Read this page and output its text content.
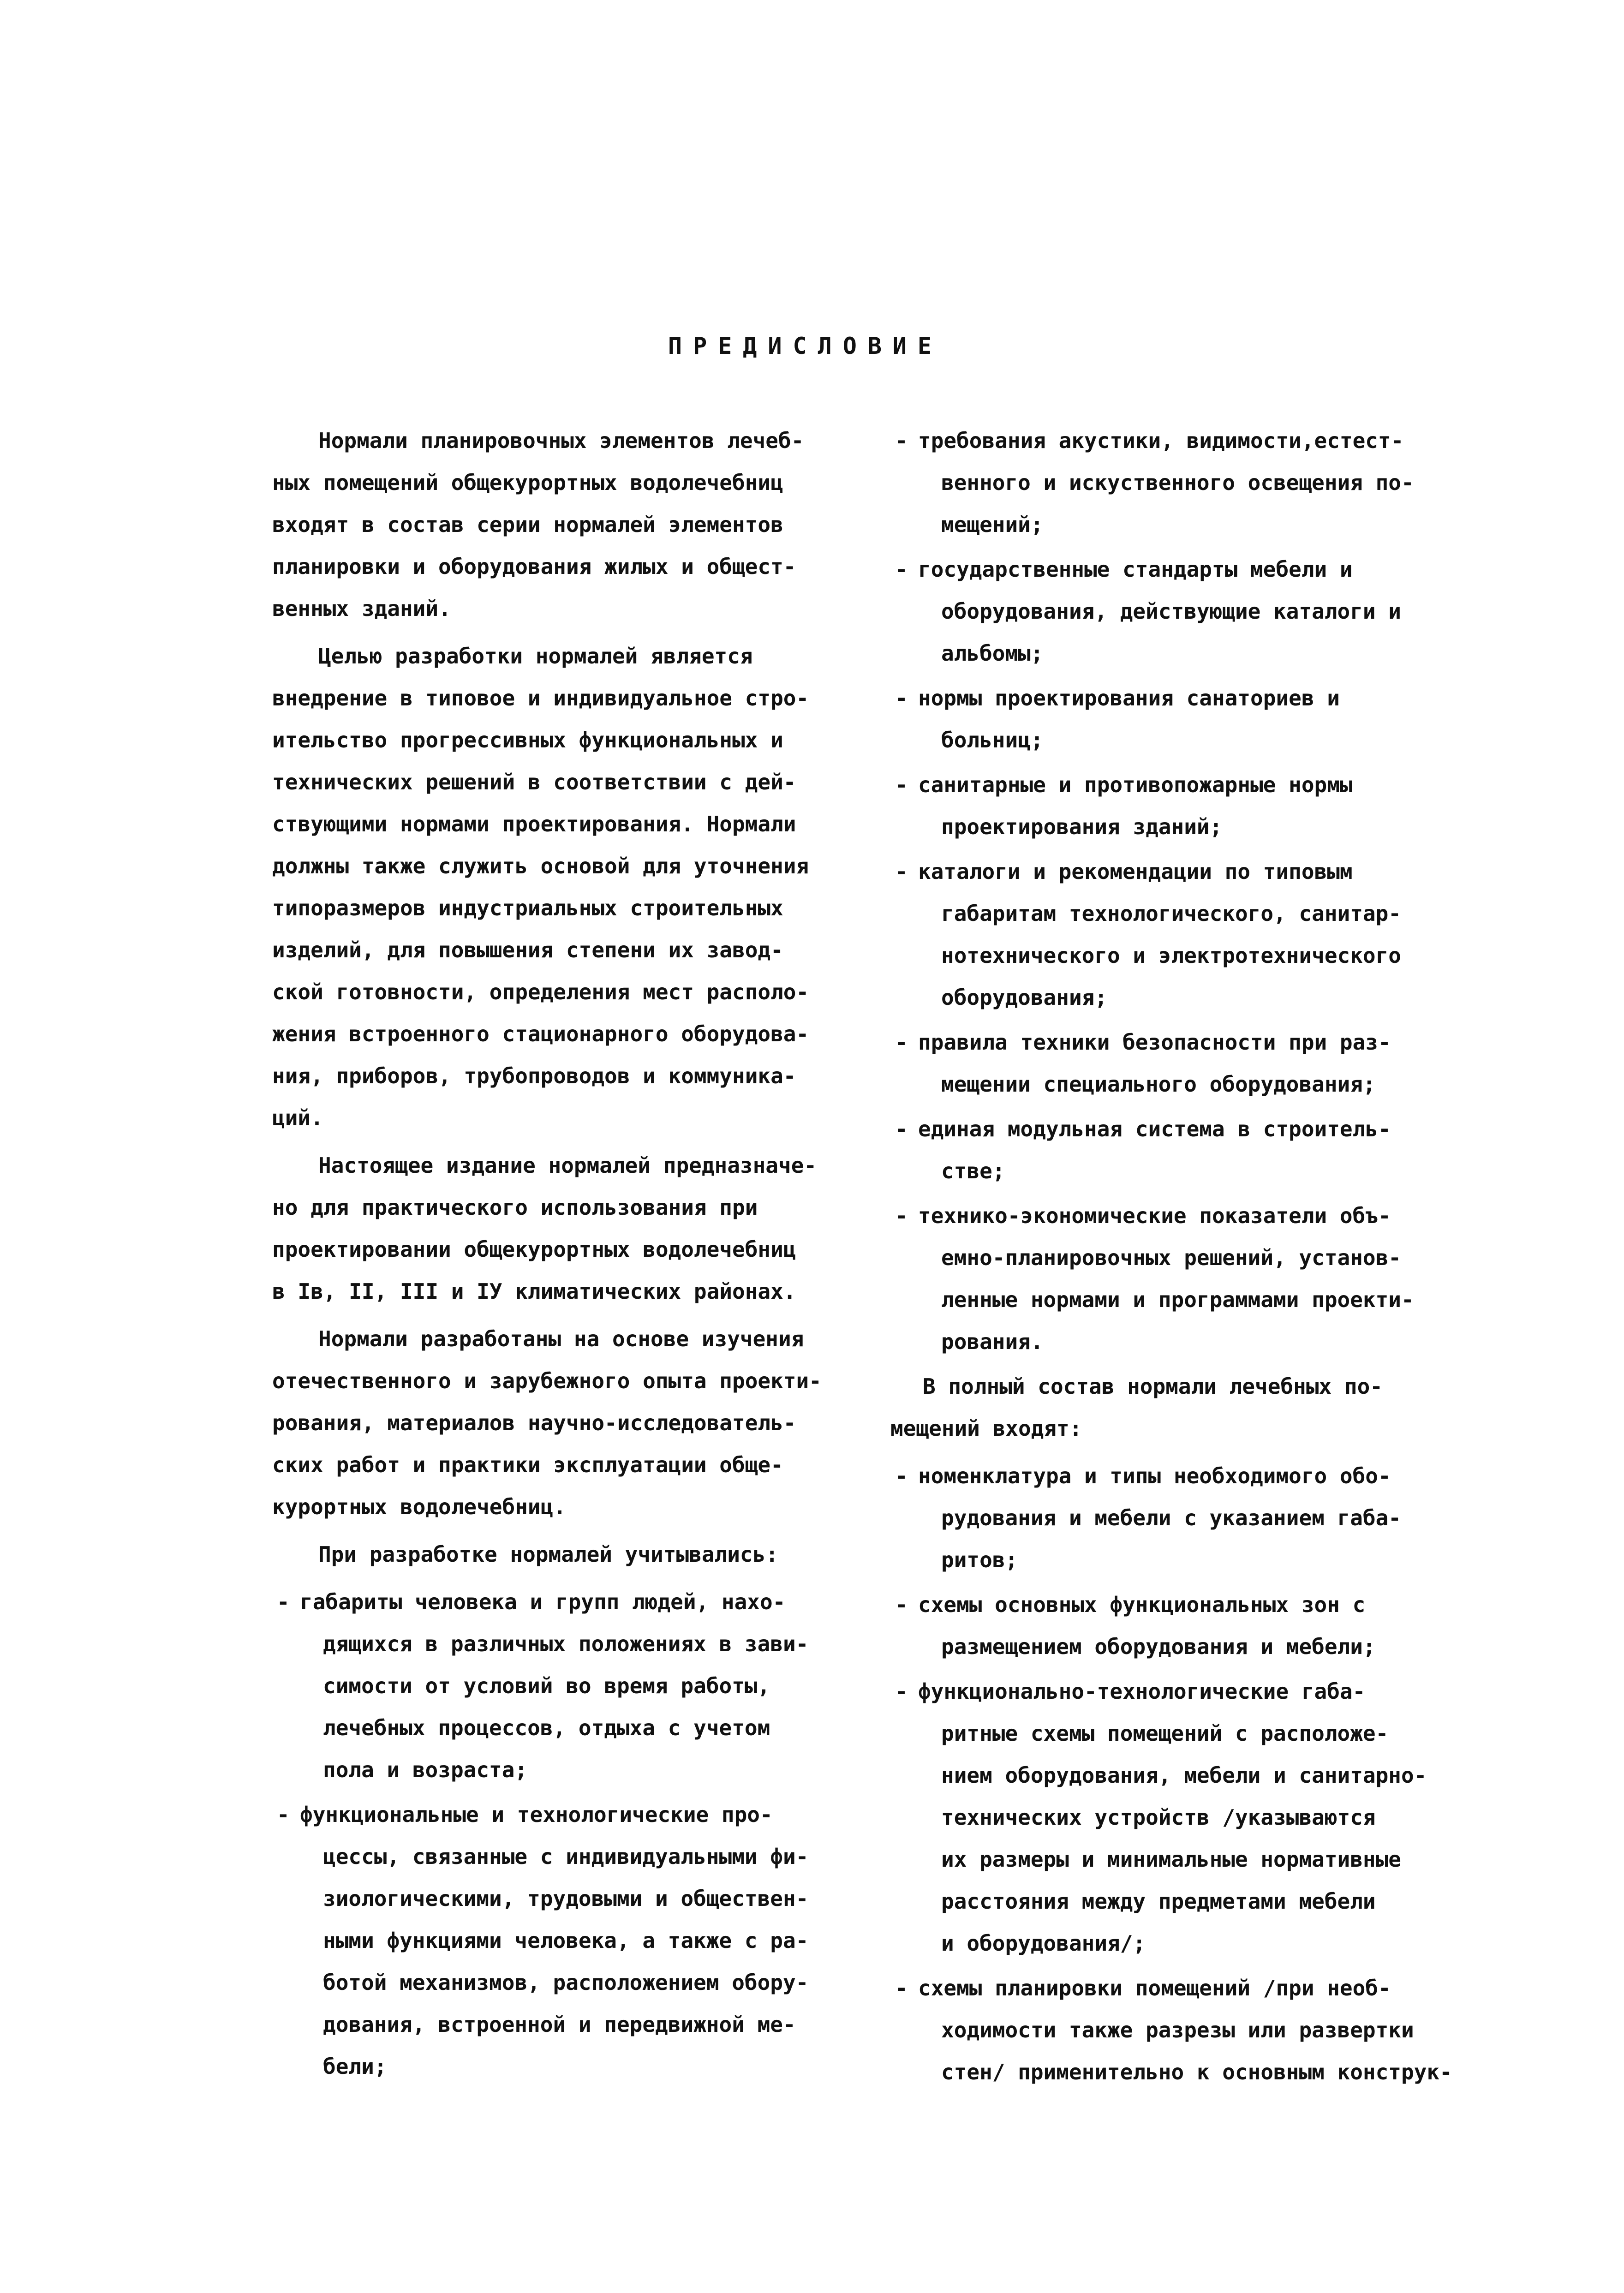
ПРЕДИСЛОВИЕ
Нормали планировочных элементов лечеб-
ных помещений общекурортных водолечебниц
входят в состав серии нормалей элементов
планировки и оборудования жилых и общест-
венных зданий.
Целью разработки нормалей является
внедрение в типовое и индивидуальное стро-
ительство прогрессивных функциональных и
технических решений в соответствии с дей-
ствующими нормами проектирования. Нормали
должны также служить основой для уточнения
типоразмеров индустриальных строительных
изделий, для повышения степени их завод-
ской готовности, определения мест располо-
жения встроенного стационарного оборудова-
ния, приборов, трубопроводов и коммуника-
ций.
Настоящее издание нормалей предназначе-
но для практического использования при
проектировании общекурортных водолечебниц
в Iв, II, III и IУ климатических районах.
Нормали разработаны на основе изучения
отечественного и зарубежного опыта проекти-
рования, материалов научно-исследователь-
ских работ и практики эксплуатации обще-
курортных водолечебниц.
При разработке нормалей учитывались:
- габариты человека и групп людей, нахо-
дящихся в различных положениях в зави-
симости от условий во время работы,
лечебных процессов, отдыха с учетом
пола и возраста;
- функциональные и технологические про-
цессы, связанные с индивидуальными фи-
зиологическими, трудовыми и обществен-
ными функциями человека, а также с ра-
ботой механизмов, расположением обору-
дования, встроенной и передвижной ме-
бели;
- требования акустики, видимости,естест-
венного и искуственного освещения по-
мещений;
- государственные стандарты мебели и
оборудования, действующие каталоги и
альбомы;
- нормы проектирования санаториев и
больниц;
- санитарные и противопожарные нормы
проектирования зданий;
- каталоги и рекомендации по типовым
габаритам технологического, санитар-
нотехнического и электротехнического
оборудования;
- правила техники безопасности при раз-
мещении специального оборудования;
- единая модульная система в строитель-
стве;
- технико-экономические показатели объ-
емно-планировочных решений, установ-
ленные нормами и программами проекти-
рования.
В полный состав нормали лечебных по-
мещений входят:
- номенклатура и типы необходимого обо-
рудования и мебели с указанием габа-
ритов;
- схемы основных функциональных зон с
размещением оборудования и мебели;
- функционально-технологические габа-
ритные схемы помещений с расположе-
нием оборудования, мебели и санитарно-
технических устройств /указываются
их размеры и минимальные нормативные
расстояния между предметами мебели
и оборудования/;
- схемы планировки помещений /при необ-
ходимости также разрезы или развертки
стен/ применительно к основным конструк-
